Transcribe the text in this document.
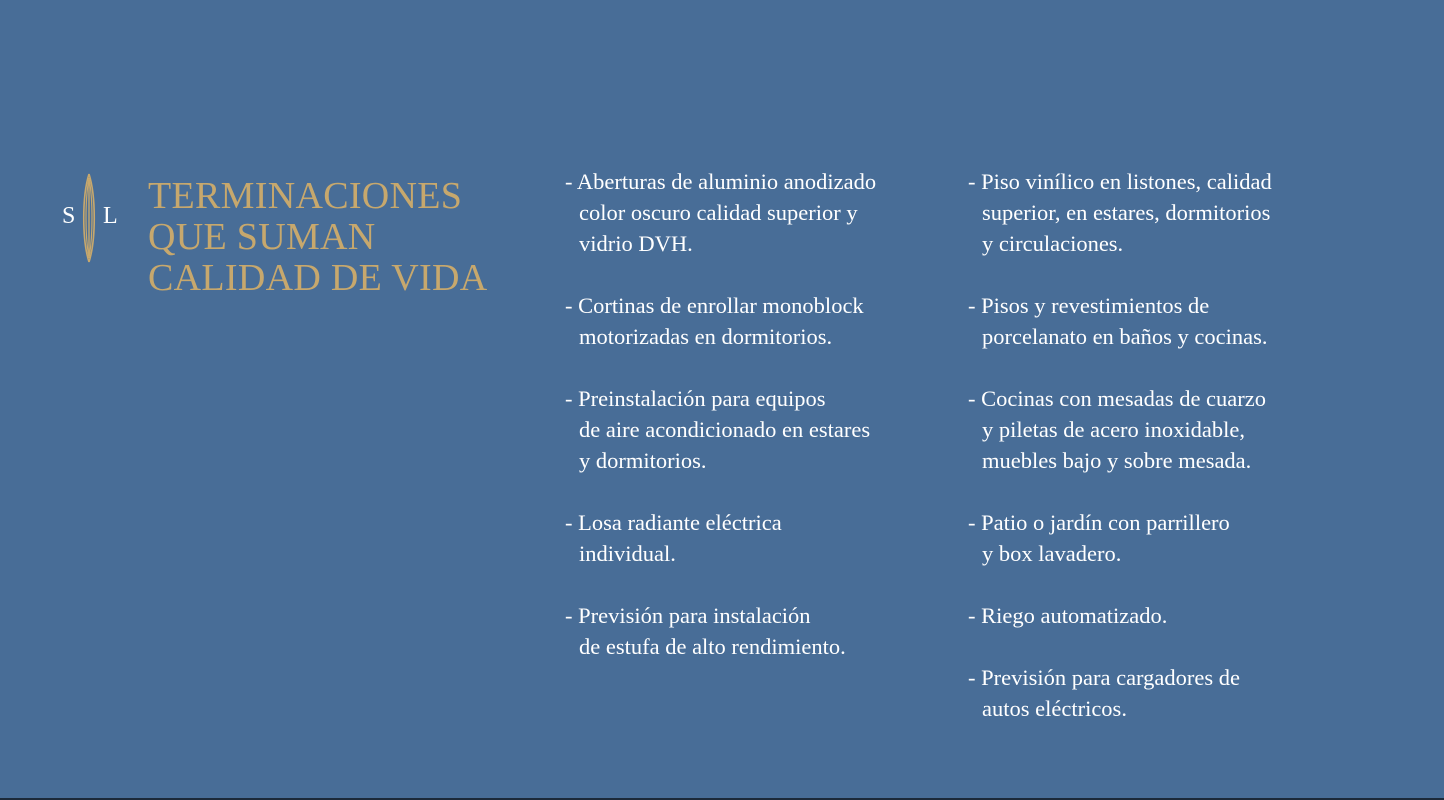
S L TERMINACIONES
QUE SUMAN
CALIDAD DE VIDA
- Aberturas de aluminio anodizado
color oscuro calidad superior y
vidrio DVH.
- Cortinas de enrollar monoblock
motorizadas en dormitorios.
- Preinstalación para equipos
de aire acondicionado en estares
y dormitorios.
- Losa radiante eléctrica
individual.
- Previsión para instalación
de estufa de alto rendimiento.
- Piso vinílico en listones, calidad
superior, en estares, dormitorios
y circulaciones.
- Pisos y revestimientos de
porcelanato en baños y cocinas.
- Cocinas con mesadas de cuarzo
y piletas de acero inoxidable,
muebles bajo y sobre mesada.
- Patio o jardín con parrillero
y box lavadero.
- Riego automatizado.
- Previsión para cargadores de
autos eléctricos.
